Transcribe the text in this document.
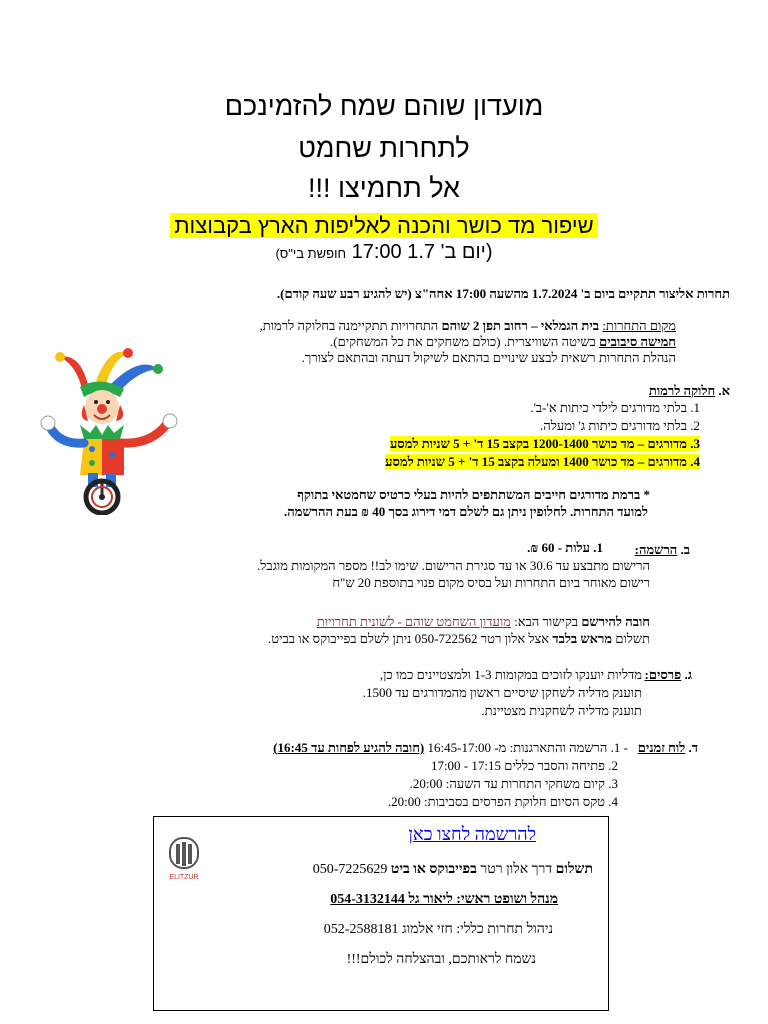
מועדון שוהם שמח להזמינכם
לתחרות שחמט
אל תחמיצו !!!
שיפור מד כושר והכנה לאליפות הארץ בקבוצות
(יום ב' 1.7 17:00 חופשת בי"ס)
תחרות אליצור תתקיים ביום ב' 1.7.2024 מהשעה 17:00 אחה"צ (יש להגיע רבע שעה קודם).
מקום התחרות: בית הגמלאי – רחוב תפן 2 שוהם התחרויות תתקיימנה בחלוקה לרמות,
חמישה סיבובים בשיטה השוויצרית. (כולם משחקים את כל המשחקים).
הנהלת התחרות רשאית לבצע שינויים בהתאם לשיקול דעתה ובהתאם לצורך.
א. חלוקה לרמות
1. בלתי מדורגים לילדי כיתות א'-ב'.
2. בלתי מדורגים כיתות ג' ומעלה.
3. מדורגים – מד כושר 1200-1400 בקצב 15 ד' + 5 שניות למסע
4. מדורגים – מד כושר 1400 ומעלה בקצב 15 ד' + 5 שניות למסע
* ברמת מדורגים חייבים המשתתפים להיות בעלי כרטיס שחמטאי בתוקף
למועד התחרות. לחלופין ניתן גם לשלם דמי דירוג בסך 40 ₪ בעת ההרשמה.
ב. הרשמה:
1. עלות - 60 ₪.
הרישום מתבצע עד 30.6 או עד סגירת הרישום. שימו לב!! מספר המקומות מוגבל.
רישום מאוחר ביום התחרות ועל בסיס מקום פנוי בתוספת 20 ש"ח
חובה להירשם בקישור הבא: מועדון השחמט שוהם - לשונית תחרויות
תשלום מראש בלבד אצל אלון רטר 050-722562 ניתן לשלם בפייבוקס או בביט.
ג. פרסים:
מדליות יוענקו לזוכים במקומות 1-3 ולמצטיינים כמו כן,
תוענק מדליה לשחקן שיסיים ראשון מהמדורגים עד 1500.
תוענק מדליה לשחקנית מצטיינת.
ד. לוח זמנים
- 1. הרשמה והתארגנות: מ- 16:45-17:00 (חובה להגיע לפחות עד 16:45)
2. פתיחה והסבר כללים 17:15 - 17:00
3. קיום משחקי התחרות עד השעה: 20:00.
4. טקס הסיום חלוקת הפרסים בסביבות: 20:00.
ELITZUR
להרשמה לחצו כאן
תשלום דרך אלון רטר בפייבוקס או ביט 050-7225629
מנהל ושופט ראשי: ליאור גל 054-3132144
ניהול תחרות כללי: חזי אלמוג 052-2588181
נשמח לראותכם, ובהצלחה לכולם!!!
